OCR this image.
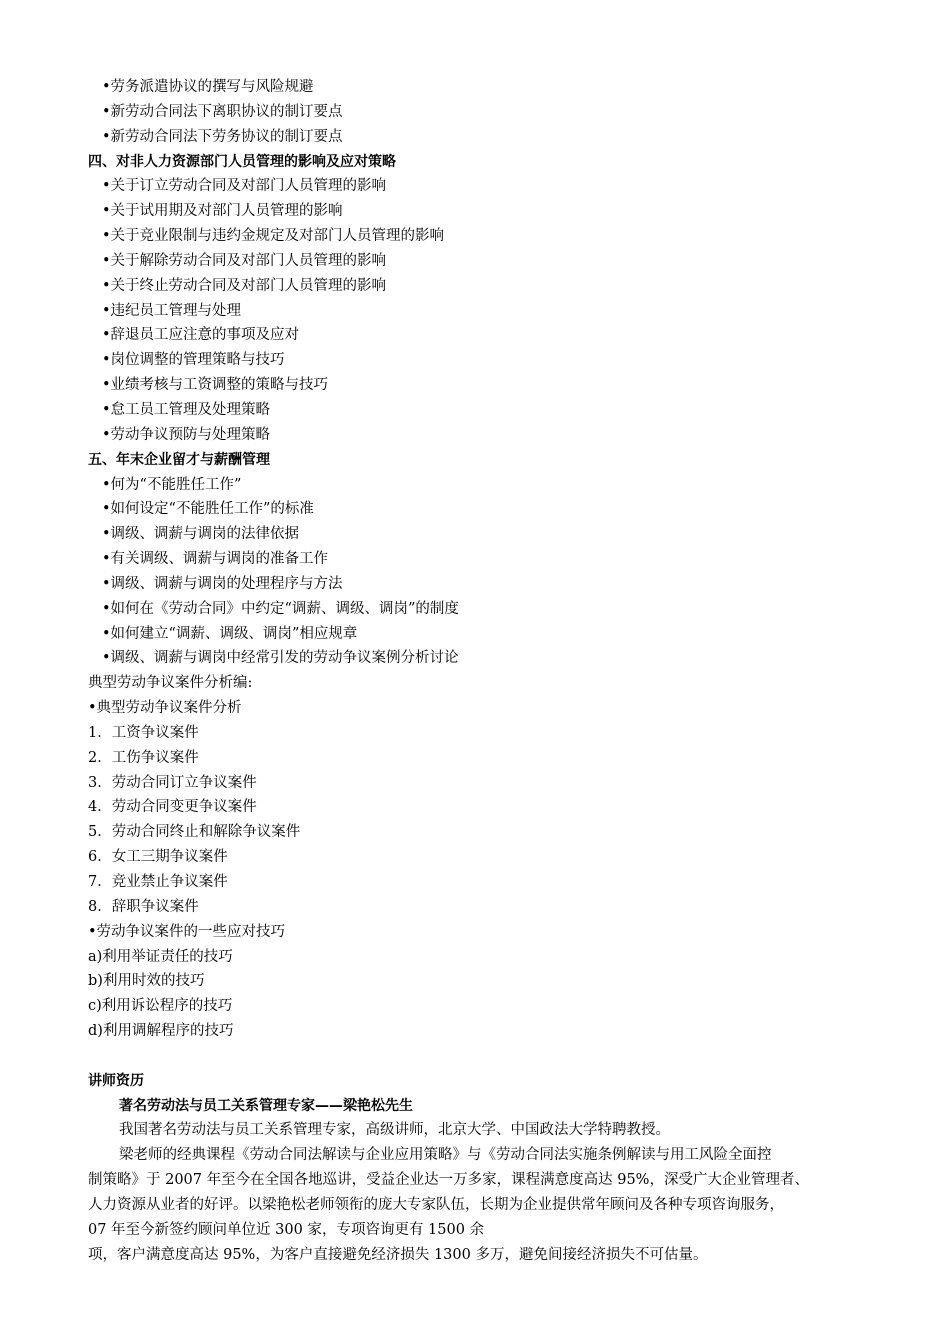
•劳务派遣协议的撰写与风险规避
•新劳动合同法下离职协议的制订要点
•新劳动合同法下劳务协议的制订要点
四、对非人力资源部门人员管理的影响及应对策略
•关于订立劳动合同及对部门人员管理的影响
•关于试用期及对部门人员管理的影响
•关于竞业限制与违约金规定及对部门人员管理的影响
•关于解除劳动合同及对部门人员管理的影响
•关于终止劳动合同及对部门人员管理的影响
•违纪员工管理与处理
•辞退员工应注意的事项及应对
•岗位调整的管理策略与技巧
•业绩考核与工资调整的策略与技巧
•怠工员工管理及处理策略
•劳动争议预防与处理策略
五、年末企业留才与薪酬管理
•何为“不能胜任工作”
•如何设定“不能胜任工作”的标准
•调级、调薪与调岗的法律依据
•有关调级、调薪与调岗的准备工作
•调级、调薪与调岗的处理程序与方法
•如何在《劳动合同》中约定“调薪、调级、调岗”的制度
•如何建立“调薪、调级、调岗”相应规章
•调级、调薪与调岗中经常引发的劳动争议案例分析讨论
典型劳动争议案件分析编:
•典型劳动争议案件分析
1．工资争议案件
2．工伤争议案件
3．劳动合同订立争议案件
4．劳动合同变更争议案件
5．劳动合同终止和解除争议案件
6．女工三期争议案件
7．竞业禁止争议案件
8．辞职争议案件
•劳动争议案件的一些应对技巧
a)利用举证责任的技巧
b)利用时效的技巧
c)利用诉讼程序的技巧
d)利用调解程序的技巧
讲师资历
著名劳动法与员工关系管理专家——梁艳松先生
我国著名劳动法与员工关系管理专家，高级讲师，北京大学、中国政法大学特聘教授。
梁老师的经典课程《劳动合同法解读与企业应用策略》与《劳动合同法实施条例解读与用工风险全面控
制策略》于 2007 年至今在全国各地巡讲，受益企业达一万多家，课程满意度高达 95%，深受广大企业管理者、
人力资源从业者的好评。以梁艳松老师领衔的庞大专家队伍，长期为企业提供常年顾问及各种专项咨询服务，
07 年至今新签约顾问单位近 300 家，专项咨询更有 1500 余
项，客户满意度高达 95%，为客户直接避免经济损失 1300 多万，避免间接经济损失不可估量。
